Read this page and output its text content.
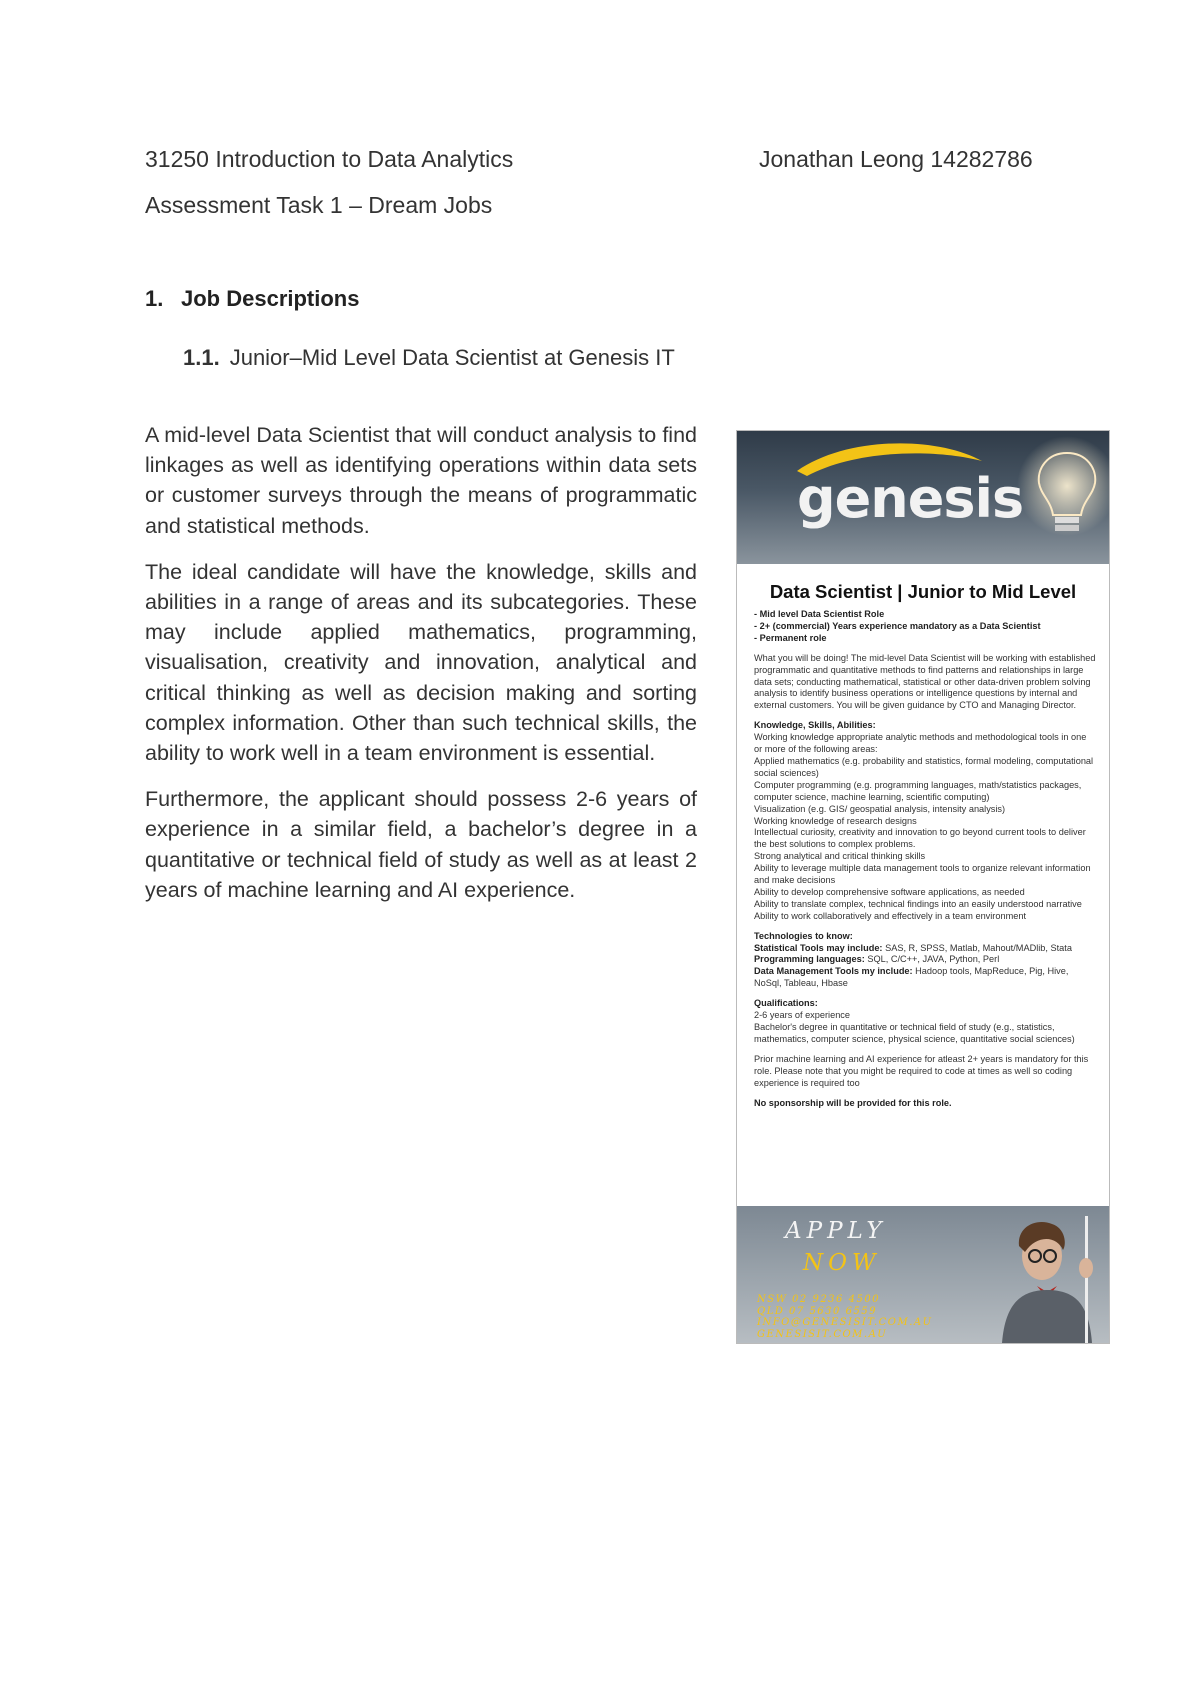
31250 Introduction to Data Analytics	Jonathan Leong 14282786
Assessment Task 1 – Dream Jobs
1. Job Descriptions
1.1. Junior–Mid Level Data Scientist at Genesis IT

A mid-level Data Scientist that will conduct analysis to find linkages as well as identifying operations within data sets or customer surveys through the means of programmatic and statistical methods.

The ideal candidate will have the knowledge, skills and abilities in a range of areas and its subcategories. These may include applied mathematics, programming, visualisation, creativity and innovation, analytical and critical thinking as well as decision making and sorting complex information. Other than such technical skills, the ability to work well in a team environment is essential.

Furthermore, the applicant should possess 2-6 years of experience in a similar field, a bachelor’s degree in a quantitative or technical field of study as well as at least 2 years of machine learning and AI experience.

genesis
Data Scientist | Junior to Mid Level
- Mid level Data Scientist Role
- 2+ (commercial) Years experience mandatory as a Data Scientist
- Permanent role
What you will be doing! The mid-level Data Scientist will be working with established programmatic and quantitative methods to find patterns and relationships in large data sets; conducting mathematical, statistical or other data-driven problem solving analysis to identify business operations or intelligence questions by internal and external customers. You will be given guidance by CTO and Managing Director.
Knowledge, Skills, Abilities:
Working knowledge appropriate analytic methods and methodological tools in one or more of the following areas:
Applied mathematics (e.g. probability and statistics, formal modeling, computational social sciences)
Computer programming (e.g. programming languages, math/statistics packages, computer science, machine learning, scientific computing)
Visualization (e.g. GIS/ geospatial analysis, intensity analysis)
Working knowledge of research designs
Intellectual curiosity, creativity and innovation to go beyond current tools to deliver the best solutions to complex problems.
Strong analytical and critical thinking skills
Ability to leverage multiple data management tools to organize relevant information and make decisions
Ability to develop comprehensive software applications, as needed
Ability to translate complex, technical findings into an easily understood narrative
Ability to work collaboratively and effectively in a team environment
Technologies to know:
Statistical Tools may include: SAS, R, SPSS, Matlab, Mahout/MADlib, Stata
Programming languages: SQL, C/C++, JAVA, Python, Perl
Data Management Tools my include: Hadoop tools, MapReduce, Pig, Hive, NoSql, Tableau, Hbase
Qualifications:
2-6 years of experience
Bachelor's degree in quantitative or technical field of study (e.g., statistics, mathematics, computer science, physical science, quantitative social sciences)
Prior machine learning and AI experience for atleast 2+ years is mandatory for this role. Please note that you might be required to code at times as well so coding experience is required too
No sponsorship will be provided for this role.
APPLY
NOW
NSW 02 9236 4500
QLD 07 5630 6559
INFO@GENESISIT.COM.AU
GENESISIT.COM.AU
